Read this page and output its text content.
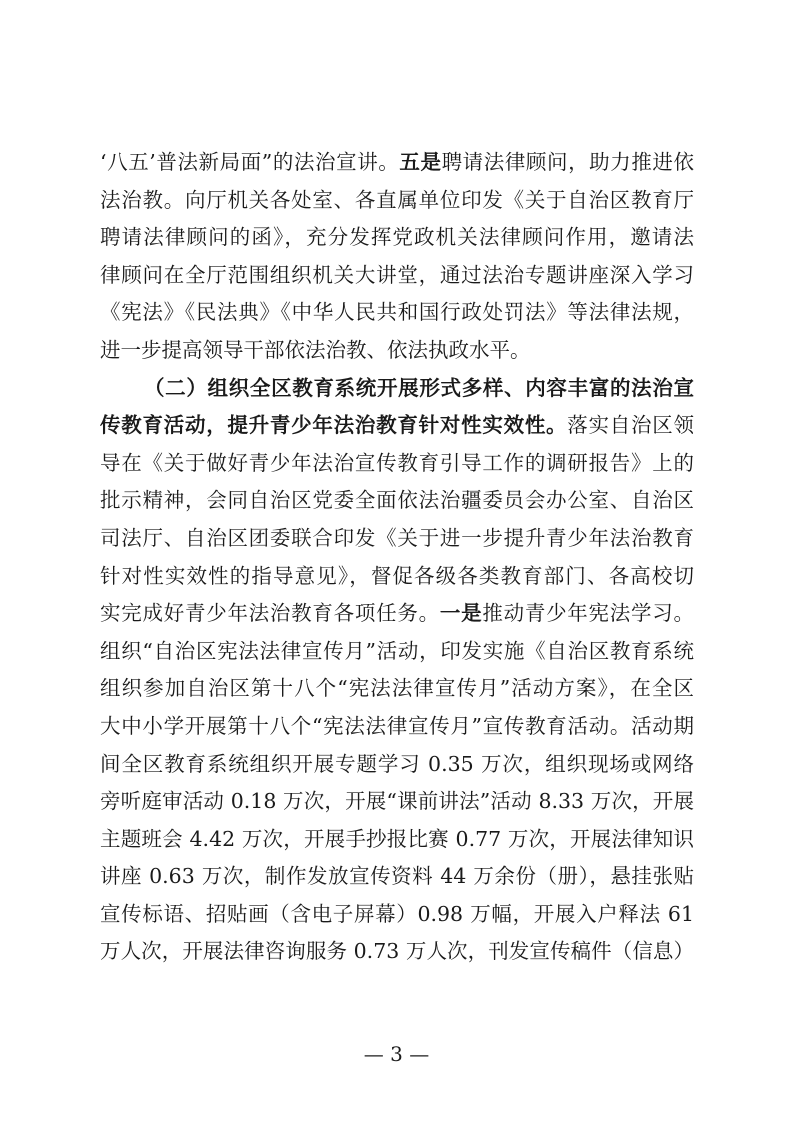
‘八五’普法新局面”的法治宣讲。五是聘请法律顾问，助力推进依
法治教。向厅机关各处室、各直属单位印发《关于自治区教育厅
聘请法律顾问的函》，充分发挥党政机关法律顾问作用，邀请法
律顾问在全厅范围组织机关大讲堂，通过法治专题讲座深入学习
《宪法》《民法典》《中华人民共和国行政处罚法》等法律法规，
进一步提高领导干部依法治教、依法执政水平。
（二）组织全区教育系统开展形式多样、内容丰富的法治宣
传教育活动，提升青少年法治教育针对性实效性。落实自治区领
导在《关于做好青少年法治宣传教育引导工作的调研报告》上的
批示精神，会同自治区党委全面依法治疆委员会办公室、自治区
司法厅、自治区团委联合印发《关于进一步提升青少年法治教育
针对性实效性的指导意见》，督促各级各类教育部门、各高校切
实完成好青少年法治教育各项任务。一是推动青少年宪法学习。
组织“自治区宪法法律宣传月”活动，印发实施《自治区教育系统
组织参加自治区第十八个“宪法法律宣传月”活动方案》，在全区
大中小学开展第十八个“宪法法律宣传月”宣传教育活动。活动期
间全区教育系统组织开展专题学习 0.35 万次，组织现场或网络
旁听庭审活动 0.18 万次，开展“课前讲法”活动 8.33 万次，开展
主题班会 4.42 万次，开展手抄报比赛 0.77 万次，开展法律知识
讲座 0.63 万次，制作发放宣传资料 44 万余份（册），悬挂张贴
宣传标语、招贴画（含电子屏幕）0.98 万幅，开展入户释法 61
万人次，开展法律咨询服务 0.73 万人次，刊发宣传稿件（信息）
— 3 —
